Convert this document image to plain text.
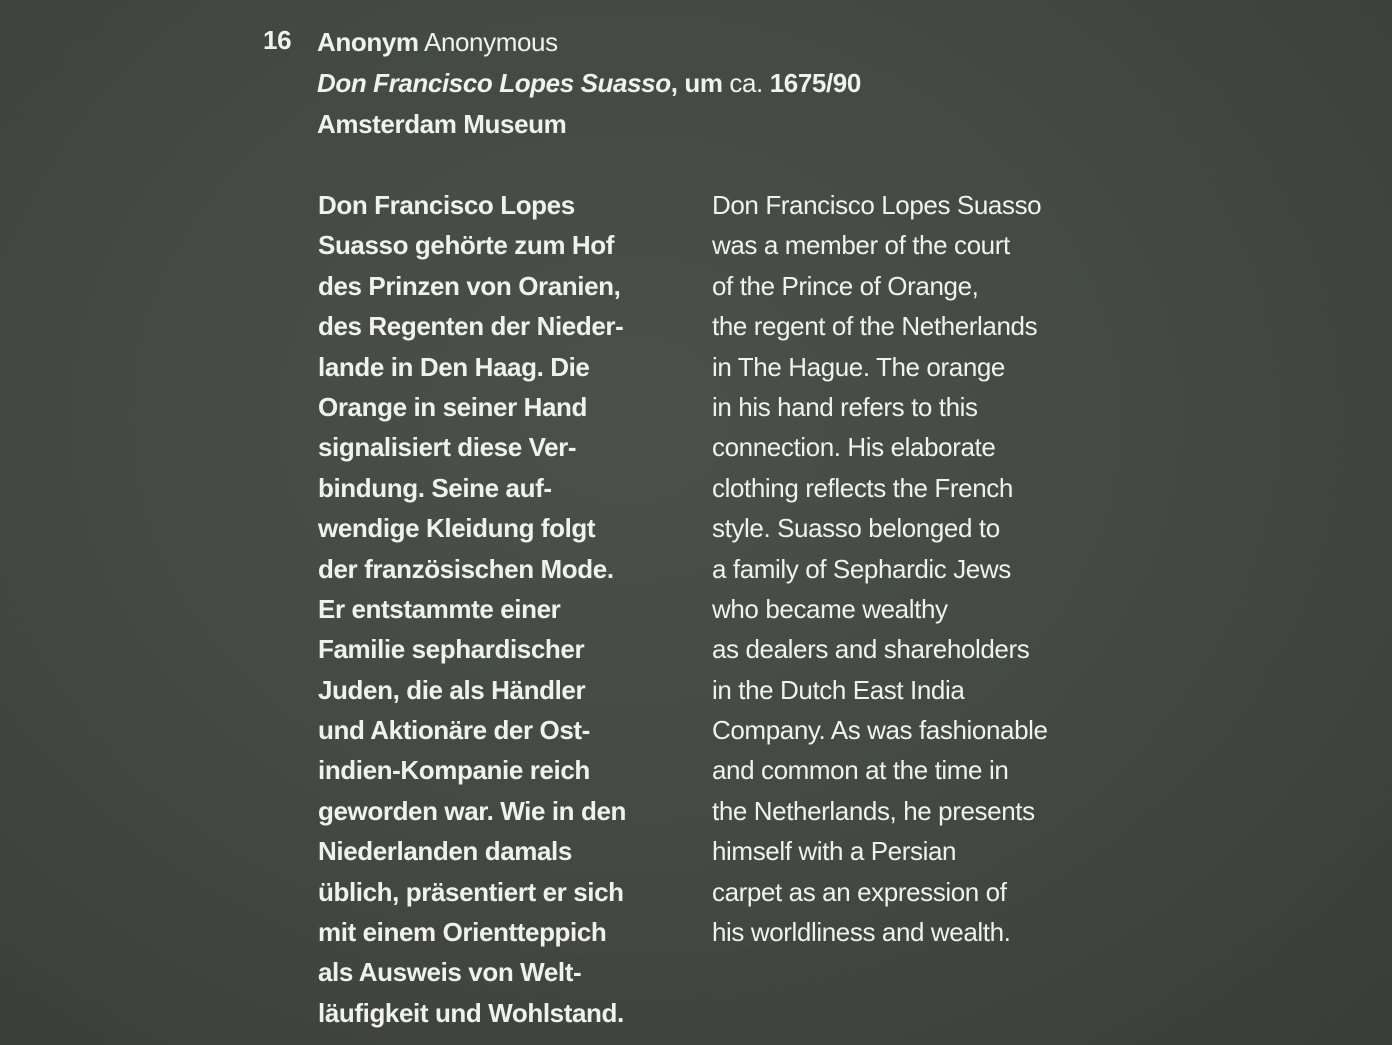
16 Anonym Anonymous
Don Francisco Lopes Suasso, um ca. 1675/90
Amsterdam Museum
Don Francisco Lopes
Suasso gehörte zum Hof
des Prinzen von Oranien,
des Regenten der Nieder-
lande in Den Haag. Die
Orange in seiner Hand
signalisiert diese Ver-
bindung. Seine auf-
wendige Kleidung folgt
der französischen Mode.
Er entstammte einer
Familie sephardischer
Juden, die als Händler
und Aktionäre der Ost-
indien-Kompanie reich
geworden war. Wie in den
Niederlanden damals
üblich, präsentiert er sich
mit einem Orientteppich
als Ausweis von Welt-
läufigkeit und Wohlstand.
Don Francisco Lopes Suasso
was a member of the court
of the Prince of Orange,
the regent of the Netherlands
in The Hague. The orange
in his hand refers to this
connection. His elaborate
clothing reflects the French
style. Suasso belonged to
a family of Sephardic Jews
who became wealthy
as dealers and shareholders
in the Dutch East India
Company. As was fashionable
and common at the time in
the Netherlands, he presents
himself with a Persian
carpet as an expression of
his worldliness and wealth.
